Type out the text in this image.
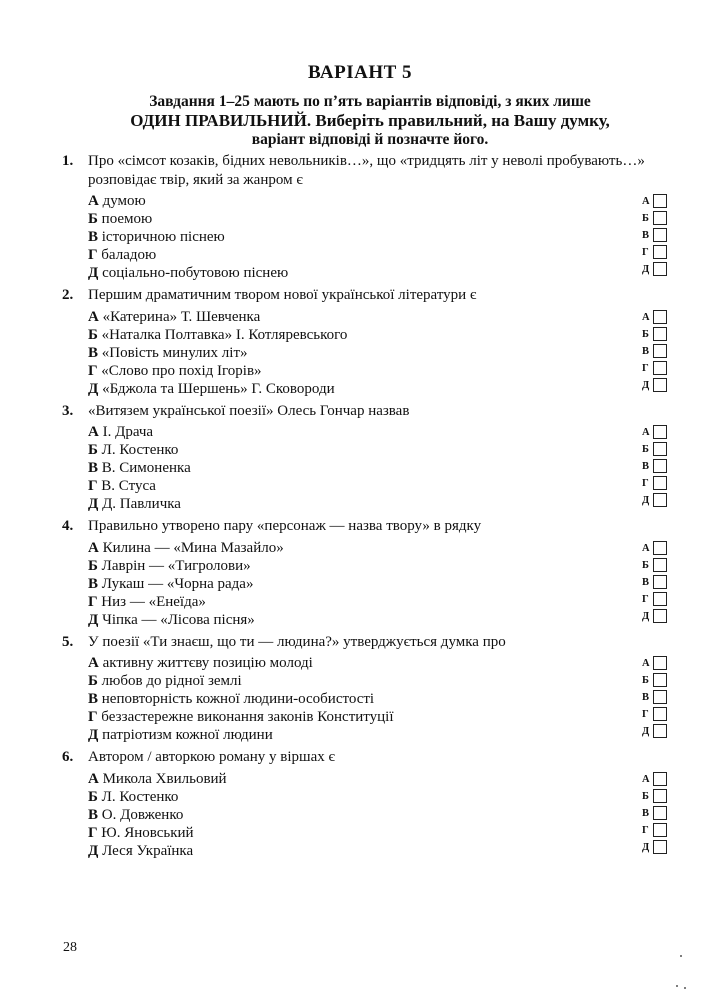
ВАРІАНТ 5
Завдання 1–25 мають по п’ять варіантів відповіді, з яких лише
ОДИН ПРАВИЛЬНИЙ. Виберіть правильний, на Вашу думку,
варіант відповіді й позначте його.
1. Про «сімсот козаків, бідних невольників…», що «тридцять літ у неволі пробувають…» розповідає твір, який за жанром є
А думою
Б поемою
В історичною піснею
Г баладою
Д соціально-побутовою піснею
А
Б
В
Г
Д
2. Першим драматичним твором нової української літератури є
А «Катерина» Т. Шевченка
Б «Наталка Полтавка» І. Котляревського
В «Повість минулих літ»
Г «Слово про похід Ігорів»
Д «Бджола та Шершень» Г. Сковороди
А
Б
В
Г
Д
3. «Витязем української поезії» Олесь Гончар назвав
А І. Драча
Б Л. Костенко
В В. Симоненка
Г В. Стуса
Д Д. Павличка
А
Б
В
Г
Д
4. Правильно утворено пару «персонаж — назва твору» в рядку
А Килина — «Мина Мазайло»
Б Лаврін — «Тигролови»
В Лукаш — «Чорна рада»
Г Низ — «Енеїда»
Д Чіпка — «Лісова пісня»
А
Б
В
Г
Д
5. У поезії «Ти знаєш, що ти — людина?» утверджується думка про
А активну життєву позицію молоді
Б любов до рідної землі
В неповторність кожної людини-особистості
Г беззастережне виконання законів Конституції
Д патріотизм кожної людини
А
Б
В
Г
Д
6. Автором / авторкою роману у віршах є
А Микола Хвильовий
Б Л. Костенко
В О. Довженко
Г Ю. Яновський
Д Леся Українка
А
Б
В
Г
Д
28
